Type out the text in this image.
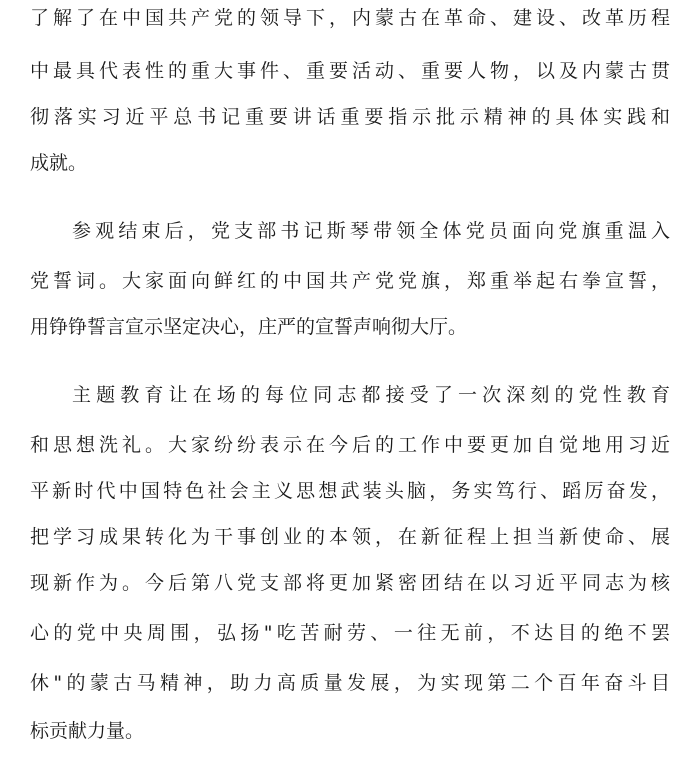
了解了在中国共产党的领导下，内蒙古在革命、建设、改革历程
中最具代表性的重大事件、重要活动、重要人物，以及内蒙古贯
彻落实习近平总书记重要讲话重要指示批示精神的具体实践和
成就。
参观结束后，党支部书记斯琴带领全体党员面向党旗重温入
党誓词。大家面向鲜红的中国共产党党旗，郑重举起右拳宣誓，
用铮铮誓言宣示坚定决心，庄严的宣誓声响彻大厅。
主题教育让在场的每位同志都接受了一次深刻的党性教育
和思想洗礼。大家纷纷表示在今后的工作中要更加自觉地用习近
平新时代中国特色社会主义思想武装头脑，务实笃行、蹈厉奋发，
把学习成果转化为干事创业的本领，在新征程上担当新使命、展
现新作为。今后第八党支部将更加紧密团结在以习近平同志为核
心的党中央周围，弘扬"吃苦耐劳、一往无前，不达目的绝不罢
休"的蒙古马精神，助力高质量发展，为实现第二个百年奋斗目
标贡献力量。
